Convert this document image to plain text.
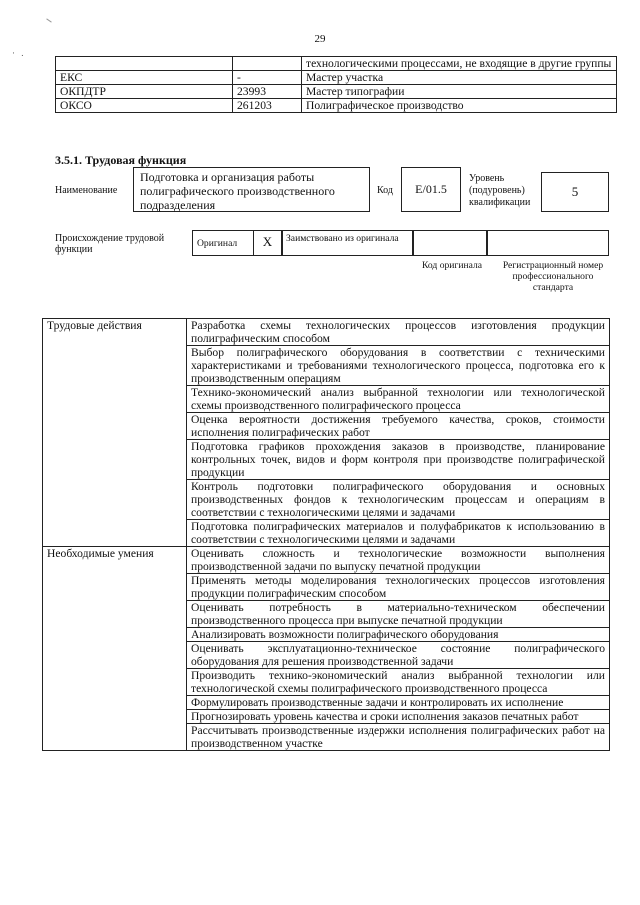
· .
29
		технологическими процессами, не входящие в другие группы
ЕКС	-	Мастер участка
ОКПДТР	23993	Мастер типографии
ОКСО	261203	Полиграфическое производство
3.5.1. Трудовая функция
Наименование
Подготовка и организация работы полиграфического производственного подразделения
Код	E/01.5
Уровень (подуровень) квалификации
5
Происхождение трудовой функции
Оригинал	X	Заимствовано из оригинала
Код оригинала	Регистрационный номер профессионального стандарта
Трудовые действия	Разработка схемы технологических процессов изготовления продукции полиграфическим способом
	Выбор полиграфического оборудования в соответствии с техническими характеристиками и требованиями технологического процесса, подготовка его к производственным операциям
	Технико-экономический анализ выбранной технологии или технологической схемы производственного полиграфического процесса
	Оценка вероятности достижения требуемого качества, сроков, стоимости исполнения полиграфических работ
	Подготовка графиков прохождения заказов в производстве, планирование контрольных точек, видов и форм контроля при производстве полиграфической продукции
	Контроль подготовки полиграфического оборудования и основных производственных фондов к технологическим процессам и операциям в соответствии с технологическими целями и задачами
	Подготовка полиграфических материалов и полуфабрикатов к использованию в соответствии с технологическими целями и задачами
Необходимые умения	Оценивать сложность и технологические возможности выполнения производственной задачи по выпуску печатной продукции
	Применять методы моделирования технологических процессов изготовления продукции полиграфическим способом
	Оценивать потребность в материально-техническом обеспечении производственного процесса при выпуске печатной продукции
	Анализировать возможности полиграфического оборудования
	Оценивать эксплуатационно-техническое состояние полиграфического оборудования для решения производственной задачи
	Производить технико-экономический анализ выбранной технологии или технологической схемы полиграфического производственного процесса
	Формулировать производственные задачи и контролировать их исполнение
	Прогнозировать уровень качества и сроки исполнения заказов печатных работ
	Рассчитывать производственные издержки исполнения полиграфических работ на производственном участке
